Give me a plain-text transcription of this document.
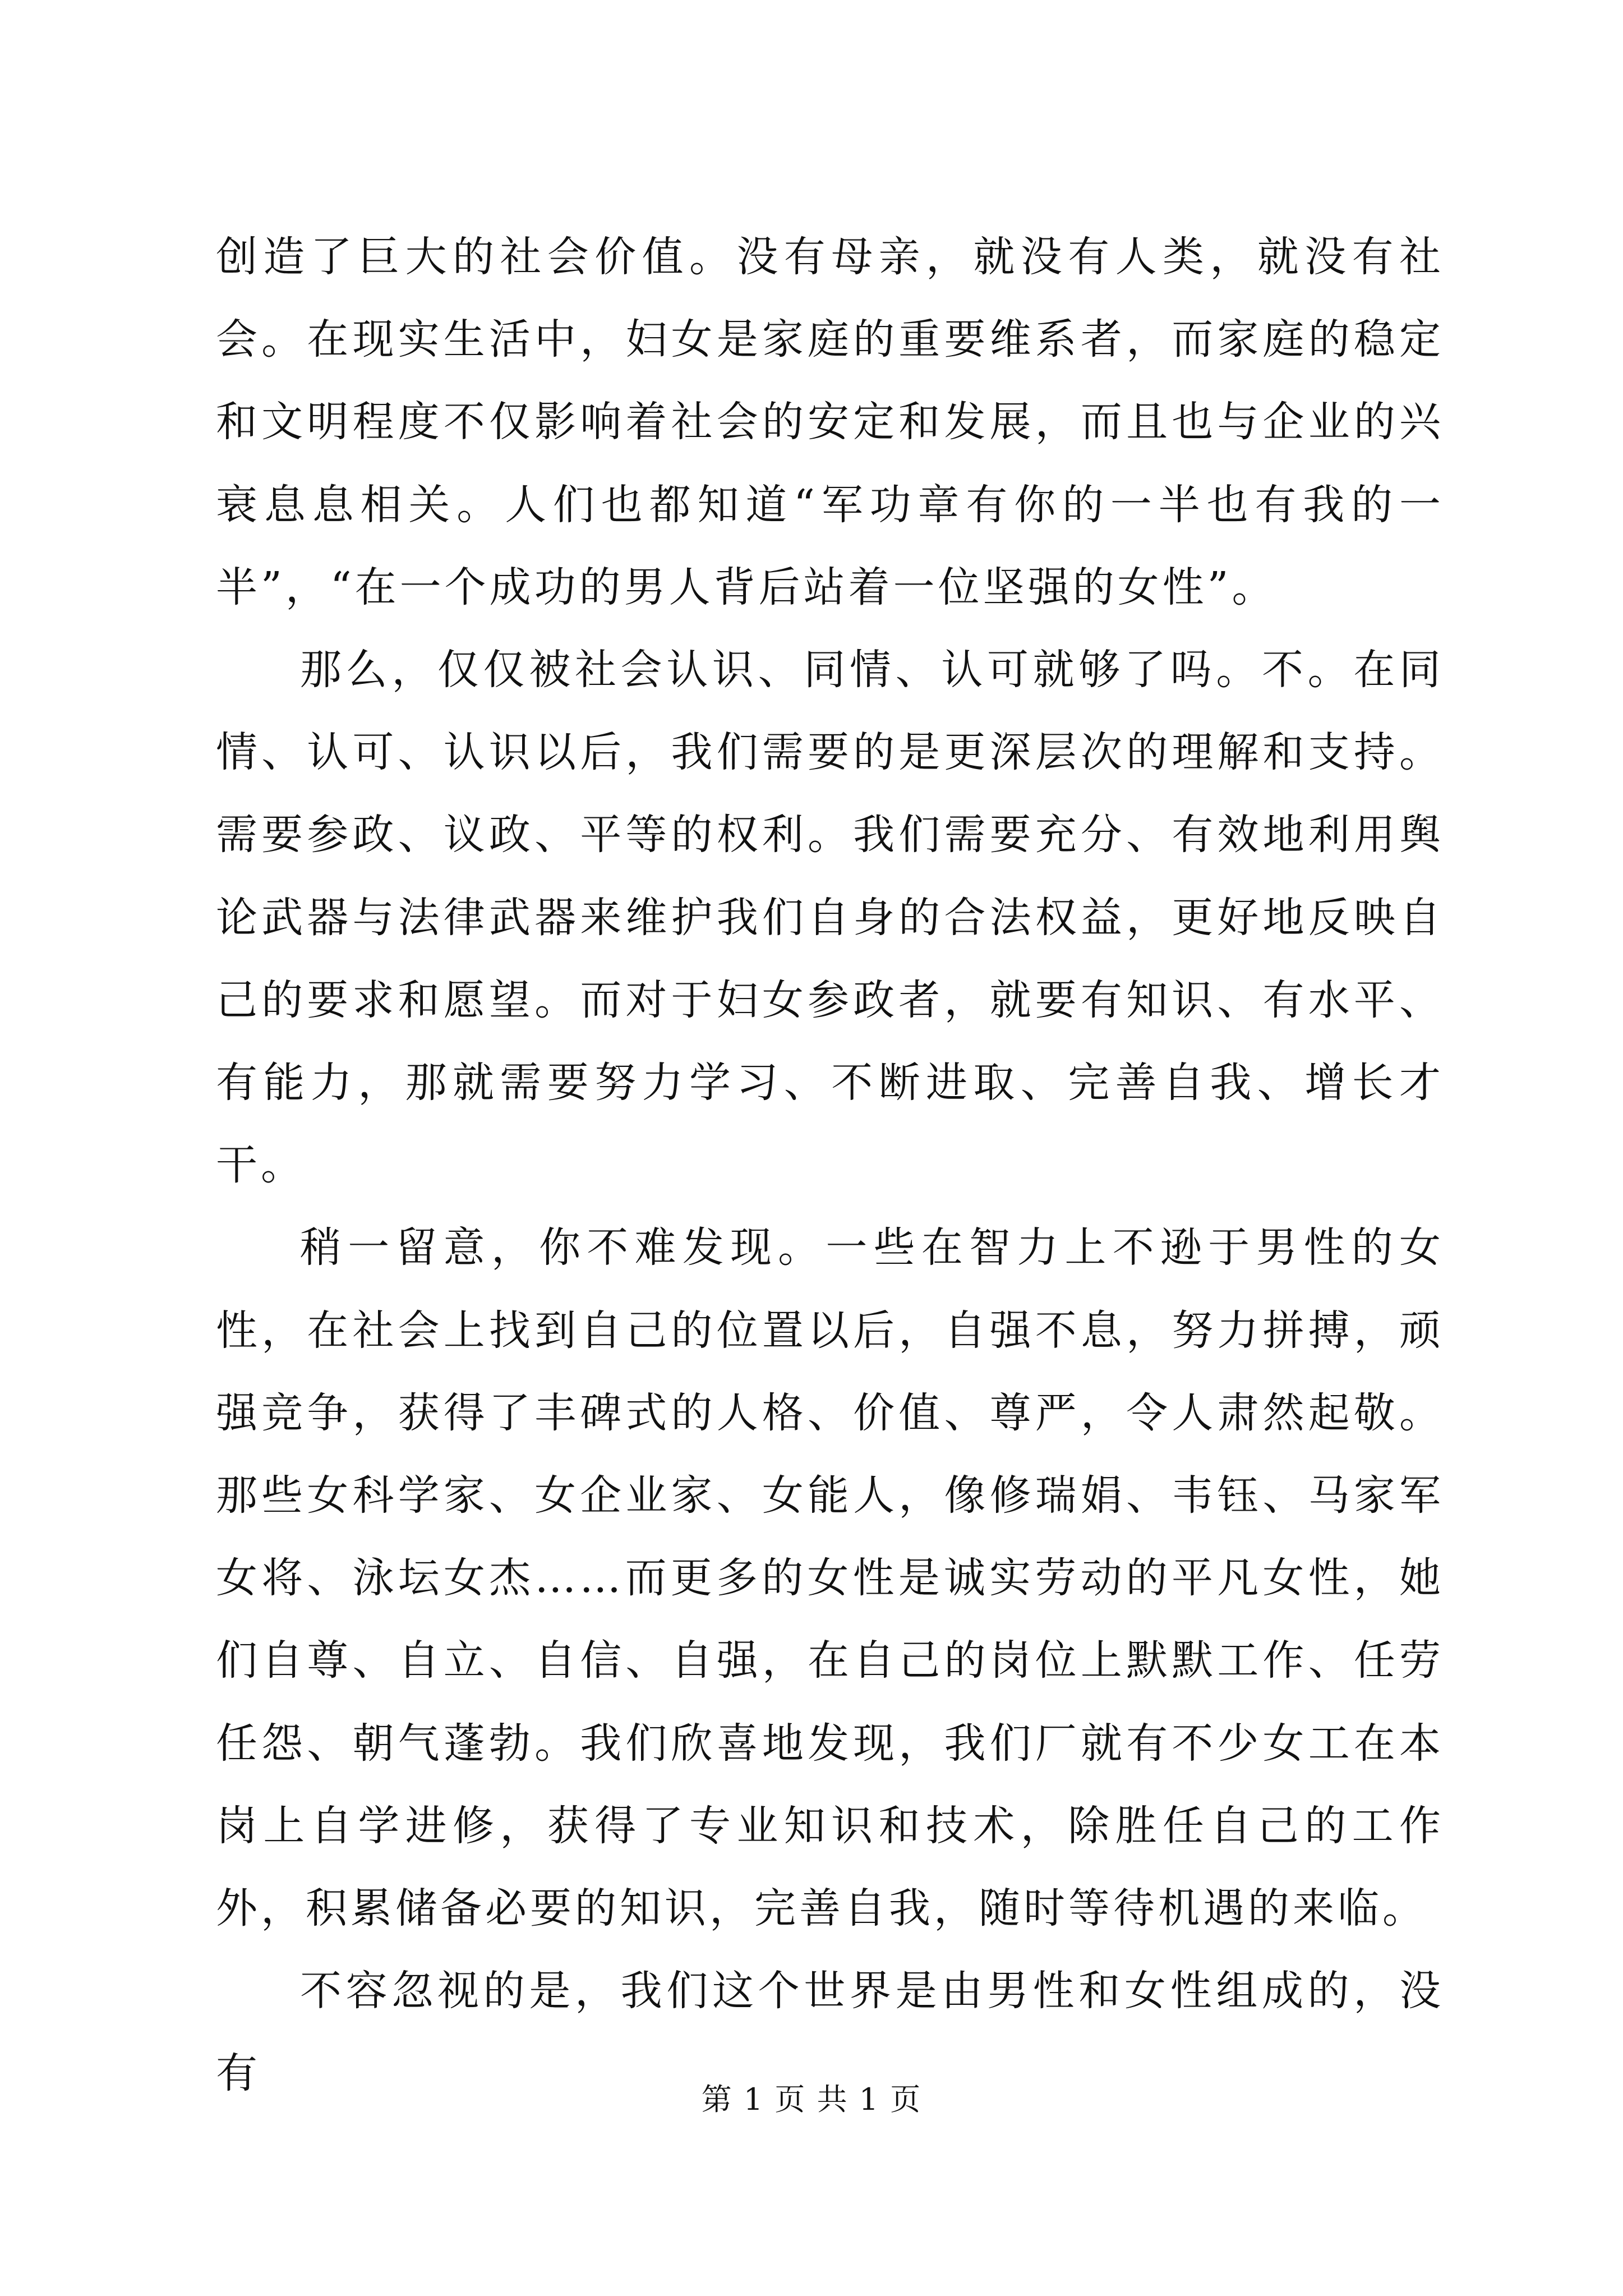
创造了巨大的社会价值。没有母亲，就没有人类，就没有社会。在现实生活中，妇女是家庭的重要维系者，而家庭的稳定和文明程度不仅影响着社会的安定和发展，而且也与企业的兴衰息息相关。人们也都知道“军功章有你的一半也有我的一半”，“在一个成功的男人背后站着一位坚强的女性”。

那么，仅仅被社会认识、同情、认可就够了吗。不。在同情、认可、认识以后，我们需要的是更深层次的理解和支持。需要参政、议政、平等的权利。我们需要充分、有效地利用舆论武器与法律武器来维护我们自身的合法权益，更好地反映自己的要求和愿望。而对于妇女参政者，就要有知识、有水平、有能力，那就需要努力学习、不断进取、完善自我、增长才干。

稍一留意，你不难发现。一些在智力上不逊于男性的女性，在社会上找到自己的位置以后，自强不息，努力拼搏，顽强竞争，获得了丰碑式的人格、价值、尊严，令人肃然起敬。那些女科学家、女企业家、女能人，像修瑞娟、韦钰、马家军女将、泳坛女杰……而更多的女性是诚实劳动的平凡女性，她们自尊、自立、自信、自强，在自己的岗位上默默工作、任劳任怨、朝气蓬勃。我们欣喜地发现，我们厂就有不少女工在本岗上自学进修，获得了专业知识和技术，除胜任自己的工作外，积累储备必要的知识，完善自我，随时等待机遇的来临。

不容忽视的是，我们这个世界是由男性和女性组成的，没有

第 1 页 共 1 页
